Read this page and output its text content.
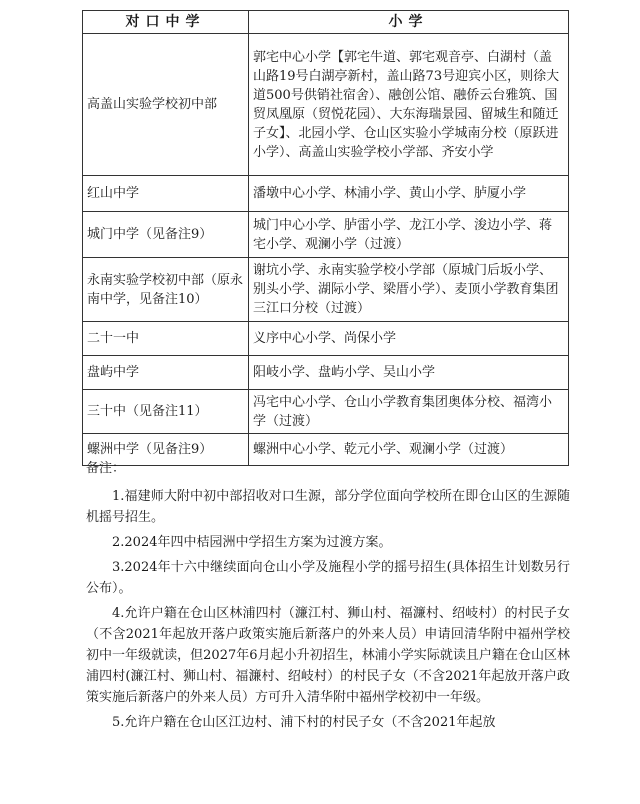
对口中学	小学
高盖山实验学校初中部	郭宅中心小学【郭宅牛道、郭宅观音亭、白湖村（盖山路19号白湖亭新村，盖山路73号迎宾小区，则徐大道500号供销社宿舍）、融创公馆、融侨云台雅筑、国贸凤凰原（贸悦花园）、大东海瑞景园、留城生和随迁子女】、北园小学、仓山区实验小学城南分校（原跃进小学）、高盖山实验学校小学部、齐安小学
红山中学	潘墩中心小学、林浦小学、黄山小学、胪厦小学
城门中学（见备注9）	城门中心小学、胪雷小学、龙江小学、浚边小学、蒋宅小学、观澜小学（过渡）
永南实验学校初中部（原永南中学，见备注10）	谢坑小学、永南实验学校小学部（原城门后坂小学、别头小学、湖际小学、梁厝小学）、麦顶小学教育集团三江口分校（过渡）
二十一中	义序中心小学、尚保小学
盘屿中学	阳岐小学、盘屿小学、吴山小学
三十中（见备注11）	冯宅中心小学、仓山小学教育集团奥体分校、福湾小学（过渡）
螺洲中学（见备注9）	螺洲中心小学、乾元小学、观澜小学（过渡）

备注：

1.福建师大附中初中部招收对口生源，部分学位面向学校所在即仓山区的生源随机摇号招生。

2.2024年四中桔园洲中学招生方案为过渡方案。

3.2024年十六中继续面向仓山小学及施程小学的摇号招生(具体招生计划数另行公布）。

4.允许户籍在仓山区林浦四村（濂江村、狮山村、福濂村、绍岐村）的村民子女（不含2021年起放开落户政策实施后新落户的外来人员）申请回清华附中福州学校初中一年级就读，但2027年6月起小升初招生，林浦小学实际就读且户籍在仓山区林浦四村(濂江村、狮山村、福濂村、绍岐村）的村民子女（不含2021年起放开落户政策实施后新落户的外来人员）方可升入清华附中福州学校初中一年级。

5.允许户籍在仓山区江边村、浦下村的村民子女（不含2021年起放
